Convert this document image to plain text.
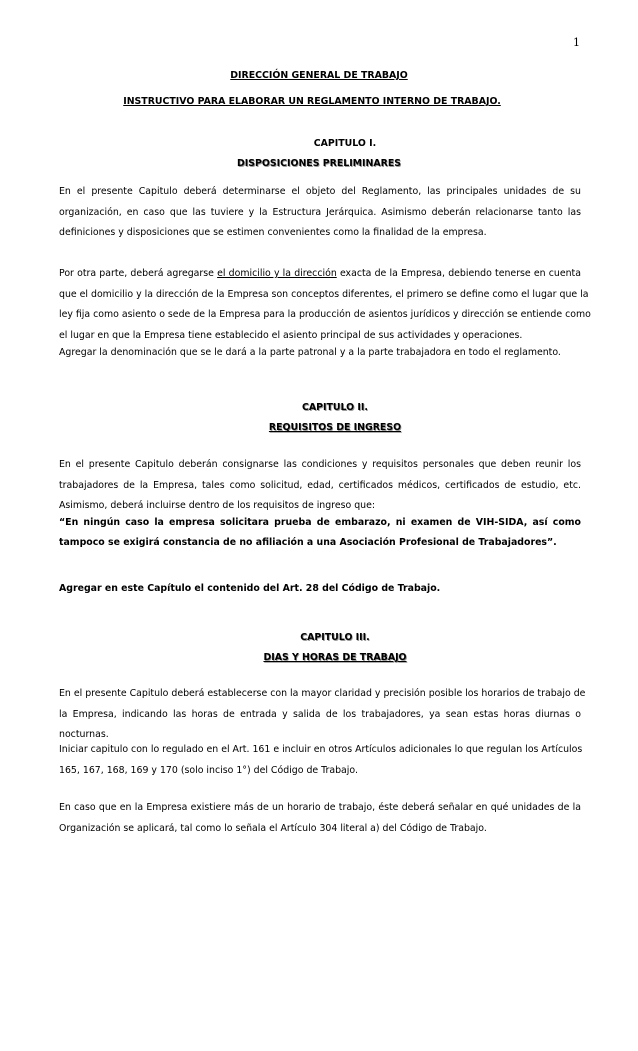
1
DIRECCIÓN GENERAL DE TRABAJO
INSTRUCTIVO PARA ELABORAR UN REGLAMENTO INTERNO DE TRABAJO.
CAPITULO I.
DISPOSICIONES PRELIMINARES
En el presente Capitulo deberá determinarse el objeto del Reglamento, las principales unidades de su
organización, en caso que las tuviere y la Estructura Jerárquica. Asimismo deberán relacionarse tanto las
definiciones y disposiciones que se estimen convenientes como la finalidad de la empresa.
Por otra parte, deberá agregarse el domicilio y la dirección exacta de la Empresa, debiendo tenerse en cuenta
que el domicilio y la dirección de la Empresa son conceptos diferentes, el primero se define como el lugar que la
ley fija como asiento o sede de la Empresa para la producción de asientos jurídicos y dirección se entiende como
el lugar en que la Empresa tiene establecido el asiento principal de sus actividades y operaciones.

Agregar la denominación que se le dará a la parte patronal y a la parte trabajadora en todo el reglamento.

CAPITULO II.
REQUISITOS DE INGRESO
En el presente Capitulo deberán consignarse las condiciones y requisitos personales que deben reunir los
trabajadores de la Empresa, tales como solicitud, edad, certificados médicos, certificados de estudio, etc.
Asimismo, deberá incluirse dentro de los requisitos de ingreso que:
“En ningún caso la empresa solicitara prueba de embarazo, ni examen de VIH-SIDA, así como
tampoco se exigirá constancia de no afiliación a una Asociación Profesional de Trabajadores”.

Agregar en este Capítulo el contenido del Art. 28 del Código de Trabajo.

CAPITULO III.
DIAS Y HORAS DE TRABAJO
En el presente Capitulo deberá establecerse con la mayor claridad y precisión posible los horarios de trabajo de
la Empresa, indicando las horas de entrada y salida de los trabajadores, ya sean estas horas diurnas o
nocturnas.
Iniciar capitulo con lo regulado en el Art. 161 e incluir en otros Artículos adicionales lo que regulan los Artículos
165, 167, 168, 169 y 170 (solo inciso 1°) del Código de Trabajo.
En caso que en la Empresa existiere más de un horario de trabajo, éste deberá señalar en qué unidades de la
Organización se aplicará, tal como lo señala el Artículo 304 literal a) del Código de Trabajo.
